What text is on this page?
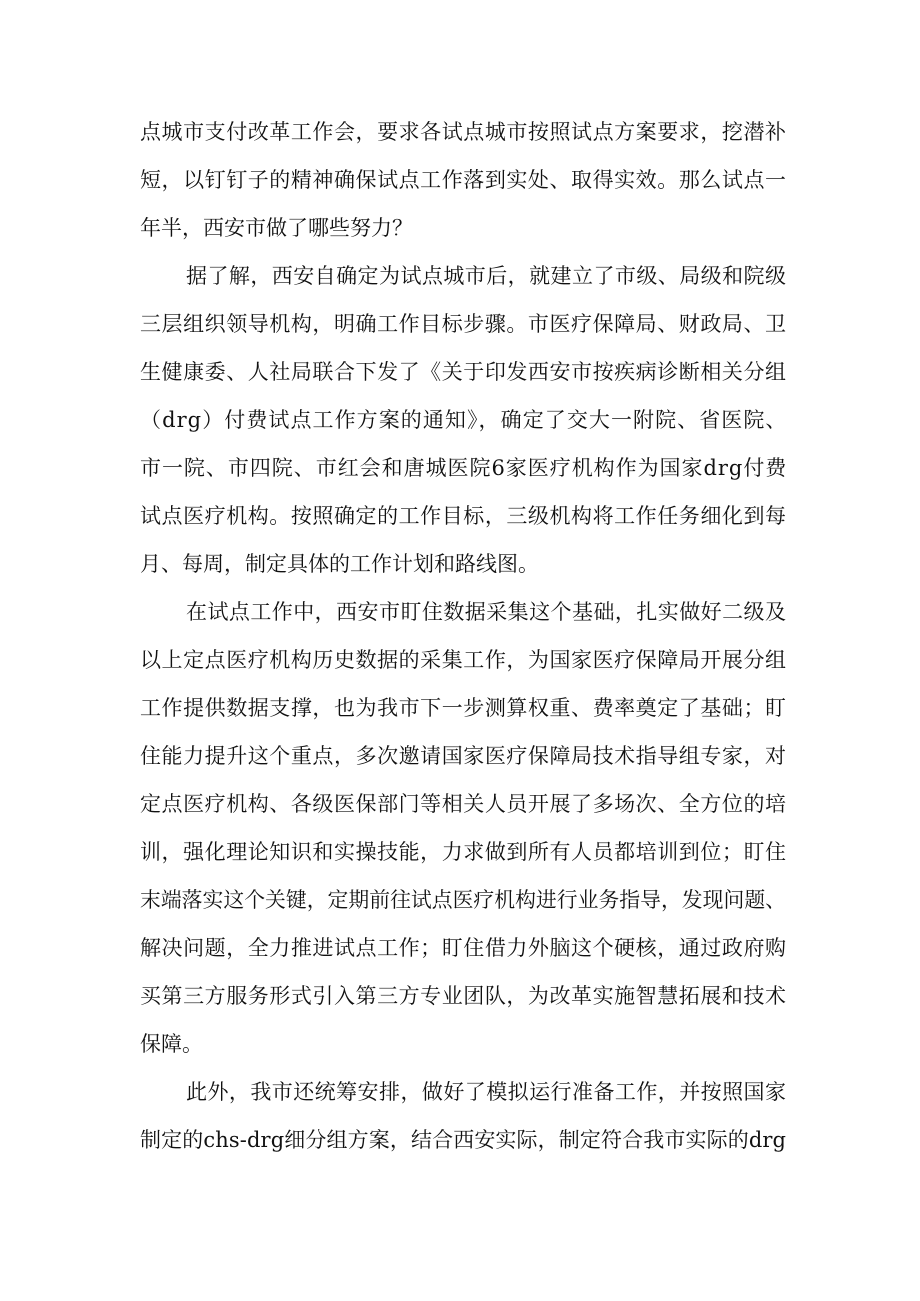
点城市支付改革工作会，要求各试点城市按照试点方案要求，挖潜补
短，以钉钉子的精神确保试点工作落到实处、取得实效。那么试点一
年半，西安市做了哪些努力？
据了解，西安自确定为试点城市后，就建立了市级、局级和院级
三层组织领导机构，明确工作目标步骤。市医疗保障局、财政局、卫
生健康委、人社局联合下发了《关于印发西安市按疾病诊断相关分组
（drg）付费试点工作方案的通知》，确定了交大一附院、省医院、
市一院、市四院、市红会和唐城医院6家医疗机构作为国家drg付费
试点医疗机构。按照确定的工作目标，三级机构将工作任务细化到每
月、每周，制定具体的工作计划和路线图。
在试点工作中，西安市盯住数据采集这个基础，扎实做好二级及
以上定点医疗机构历史数据的采集工作，为国家医疗保障局开展分组
工作提供数据支撑，也为我市下一步测算权重、费率奠定了基础；盯
住能力提升这个重点，多次邀请国家医疗保障局技术指导组专家，对
定点医疗机构、各级医保部门等相关人员开展了多场次、全方位的培
训，强化理论知识和实操技能，力求做到所有人员都培训到位；盯住
末端落实这个关键，定期前往试点医疗机构进行业务指导，发现问题、
解决问题，全力推进试点工作；盯住借力外脑这个硬核，通过政府购
买第三方服务形式引入第三方专业团队，为改革实施智慧拓展和技术
保障。
此外，我市还统筹安排，做好了模拟运行准备工作，并按照国家
制定的chs-drg细分组方案，结合西安实际，制定符合我市实际的drg
